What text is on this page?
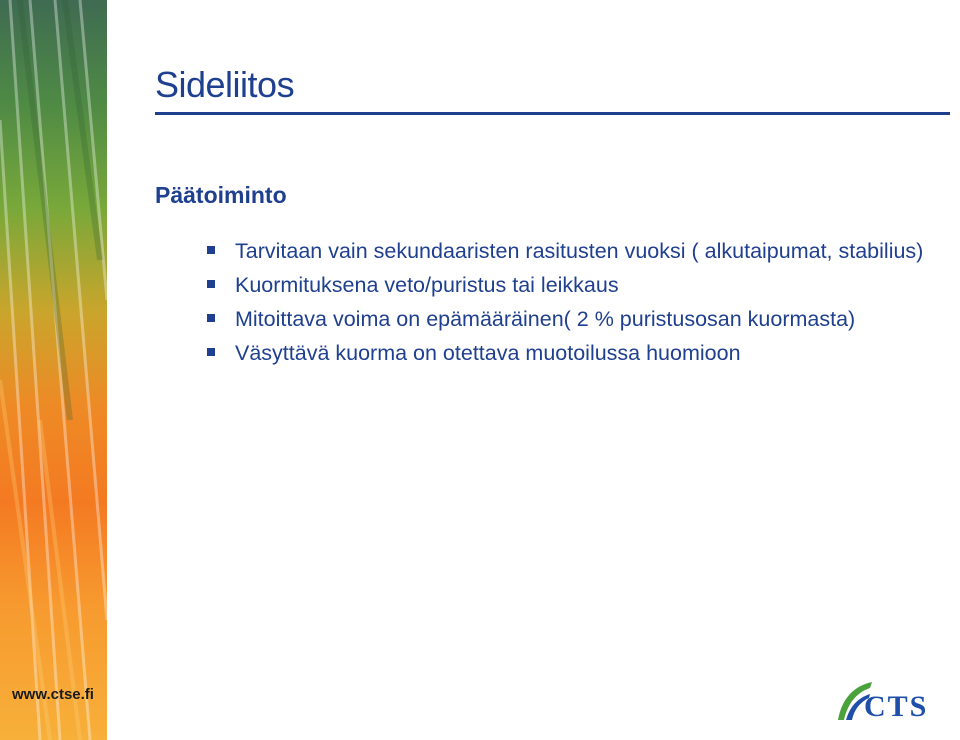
www.ctse.fi
Sideliitos
Päätoiminto
Tarvitaan vain sekundaaristen rasitusten vuoksi ( alkutaipumat, stabilius)
Kuormituksena veto/puristus tai leikkaus
Mitoittava voima on epämääräinen( 2 % puristusosan kuormasta)
Väsyttävä kuorma on otettava muotoilussa huomioon
CTS
